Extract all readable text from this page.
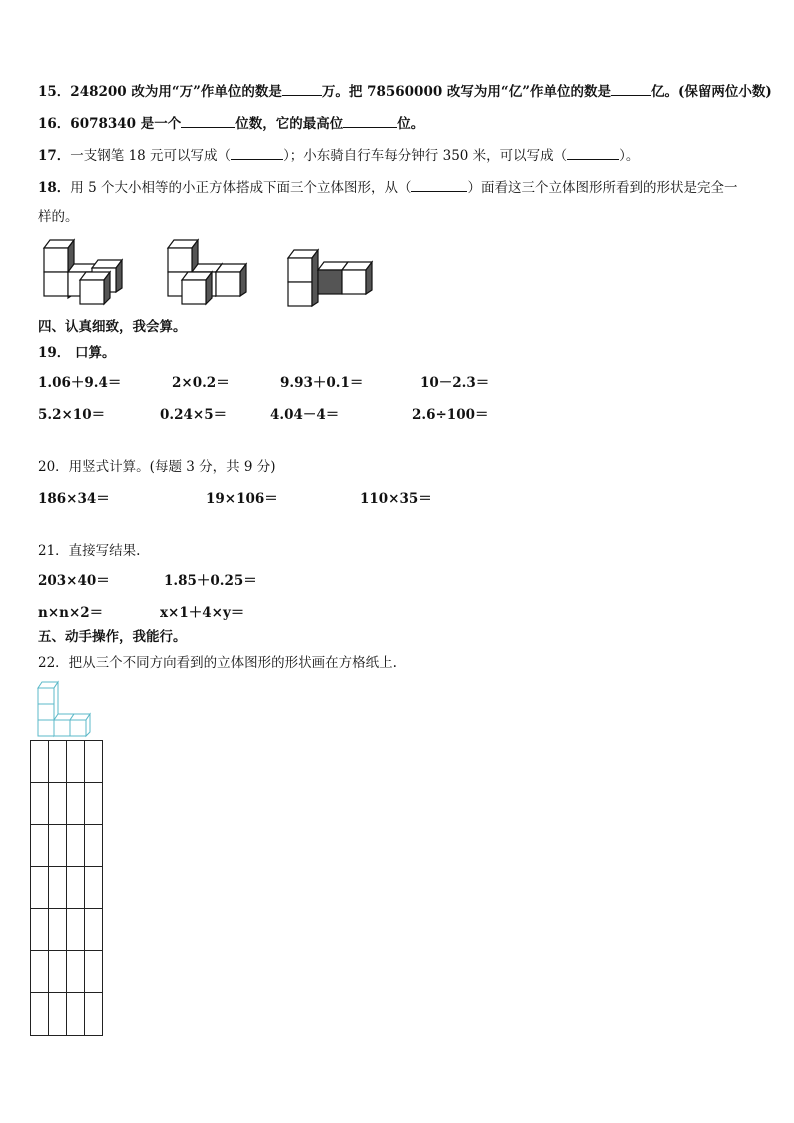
15．248200 改为用“万”作单位的数是	万。把 78560000 改写为用“亿”作单位的数是	亿。(保留两位小数)
16．6078340 是一个	位数，它的最高位	位。
17．一支钢笔 18 元可以写成（	）；小东骑自行车每分钟行 350 米，可以写成（	）。
18．用 5 个大小相等的小正方体搭成下面三个立体图形，从（	）面看这三个立体图形所看到的形状是完全一
样的。
四、认真细致，我会算。
19． 口算。
1.06＋9.4＝	2×0.2＝	9.93＋0.1＝	10－2.3＝
5.2×10＝	0.24×5＝	4.04－4＝	2.6÷100＝
20．用竖式计算。(每题 3 分，共 9 分)
186×34＝	19×106＝	110×35＝
21．直接写结果.
203×40＝	1.85＋0.25＝
n×n×2＝	x×1＋4×y＝
五、动手操作，我能行。
22．把从三个不同方向看到的立体图形的形状画在方格纸上.
